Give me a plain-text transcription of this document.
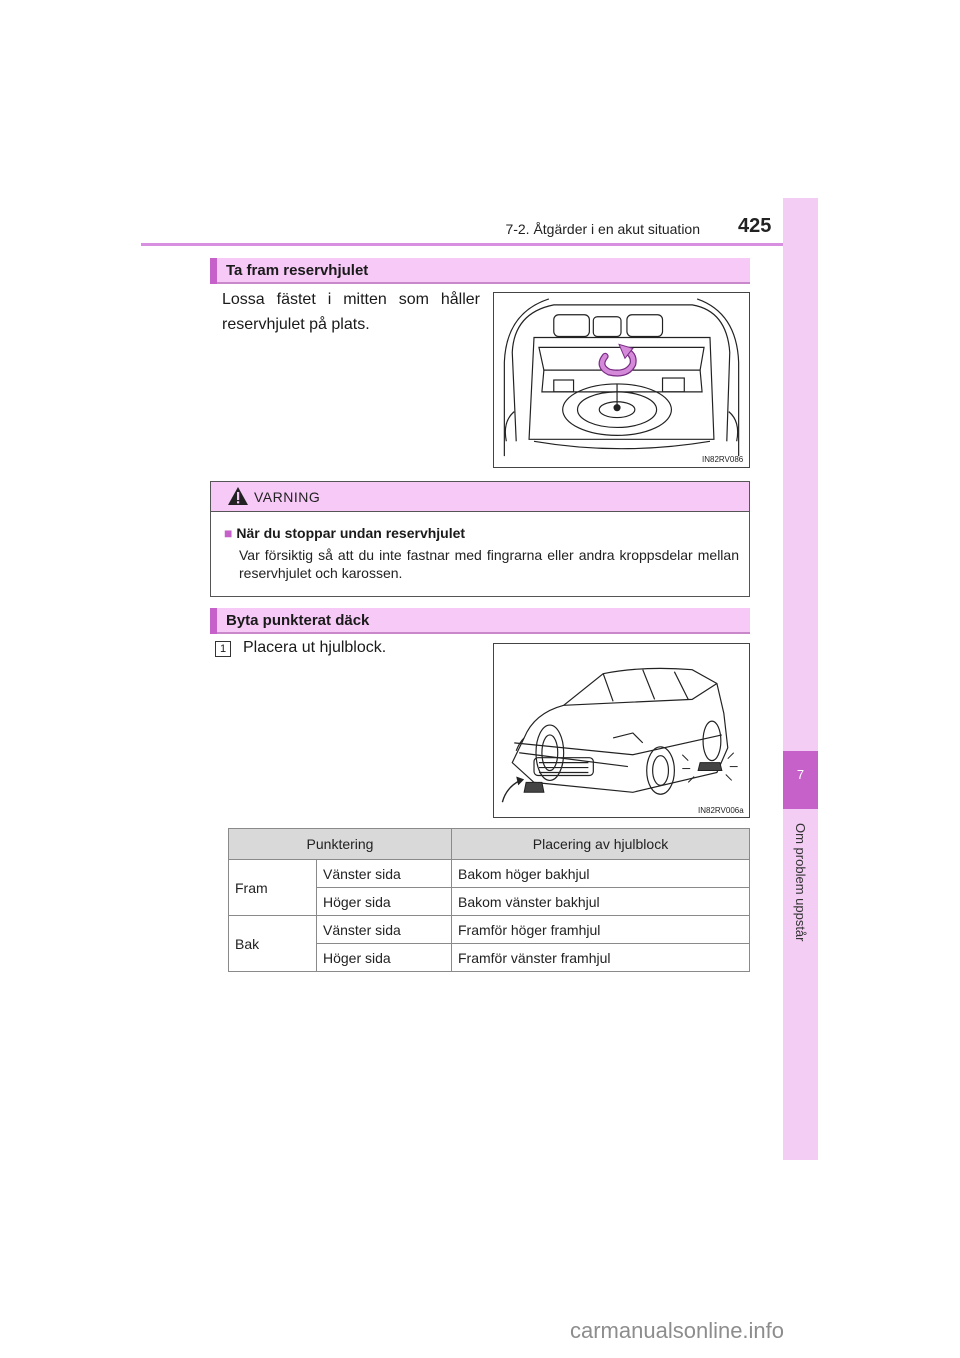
7-2. Åtgärder i en akut situation 425
7
Om problem uppstår
Ta fram reservhjulet
Lossa fästet i mitten som håller reservhjulet på plats.
IN82RV086
VARNING
■ När du stoppar undan reservhjulet
Var försiktig så att du inte fastnar med fingrarna eller andra kroppsdelar mellan reservhjulet och karossen.
Byta punkterat däck
1	Placera ut hjulblock.
IN82RV006a
Punktering		Placering av hjulblock
Fram	Vänster sida	Bakom höger bakhjul
	Höger sida	Bakom vänster bakhjul
Bak	Vänster sida	Framför höger framhjul
	Höger sida	Framför vänster framhjul
carmanualsonline.info
